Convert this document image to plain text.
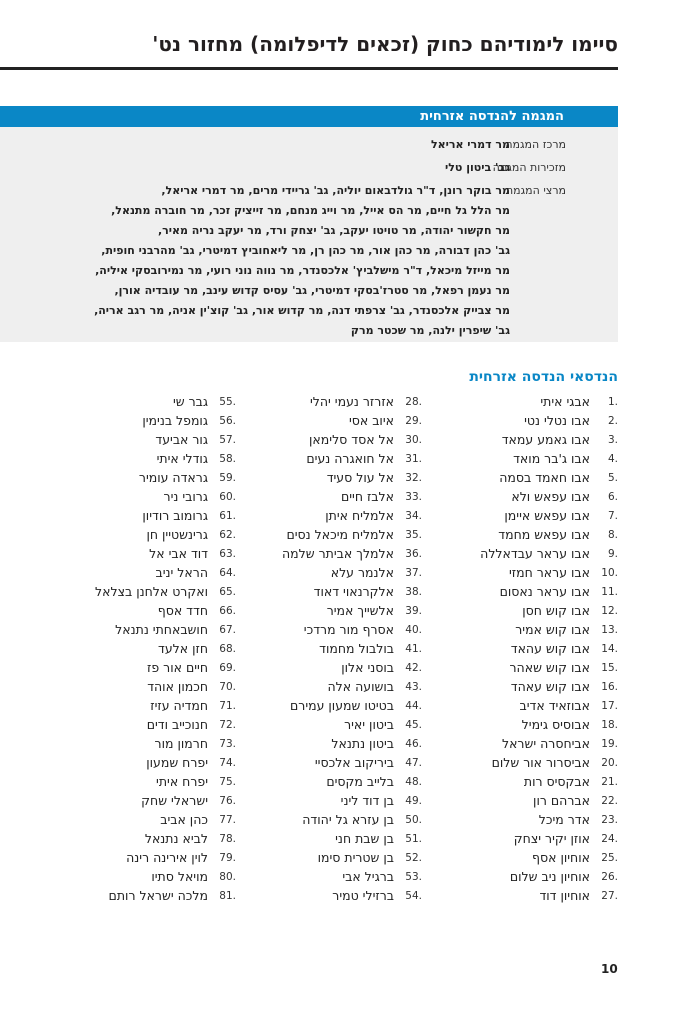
סיימו לימודיהם כחוק (זכאים לדיפלומה) מחזור נט'
המגמה להנדסה אזרחית
מרכז המגמה
מר דמרי אריאל
מזכירות המגמה
גב' ביטון טלי
מרצי המגמה
מר בוקר רונן, ד"ר גולדבאום יוליה, גב' גריידי מרים, מר דמרי אריאל,
מר הלל גל חיים, מר הס אייל, מר וייג מנחם, מר זייציק זכר, מר חוברה מתנאל,
מר חקשור יהודה, מר טויטו יעקב, גב' יצחק ורד, מר יעקב נריה מאיר,
גב' כהן דבורה, מר כהן אור, מר כהן רן, מר ליאחוביץ דמיטרי, גב' מהרבני חופית,
מר מייזל מיכאל, ד"ר מישלביץ' אלכסנדר, מר נווה נוני רועי, מר נמירובסקי איליה,
מר נעמן רפאל, מר סטרז'בסקי דמיטרי, גב' עסיס קדוש עינב, מר עובדיה אורן,
מר צבייק אלכסנדר, גב' צרפתי דנה, מר קדוש אור, גב' קוצ'ין אניה, מר רגב אריה,
גב' שיפרין ילנה, מר שכטר מרק
הנדסאי הנדסה אזרחית
1.
אבגי איתי
2.
אבו נטלי נטי
3.
אבו גאמע עמאד
4.
אבו ג'בר מואד
5.
אבו חאמד בסמה
6.
אבו עפאש ולא
7.
אבו עפאש איימן
8.
אבו עפאש מחמד
9.
אבו עראר עבדאללה
10.
אבו עראר חמזי
11.
אבו עראר נאסום
12.
אבו קוש חסן
13.
אבו קוש אמיר
14.
אבו קוש עהאד
15.
אבו קוש שאהר
16.
אבו קוש עאהד
17.
אבוזאיד אדיב
18.
אבוסיס גימיל
19.
אביחסרה ישראל
20.
אביסרור אור שלום
21.
אבקסיס רות
22.
אברהם רון
23.
אדר מיכל
24.
אוזן יקיר יצחק
25.
אוחיון אסף
26.
אוחיון ניב שלום
27.
אוחיון דוד
28.
אזרזר נעמי יהלי
29.
איוב אסי
30.
אל אסד סלימאן
31.
אל חואגרה נעים
32.
אל עול סעיד
33.
אלבז חיים
34.
אלמליח איתן
35.
אלמליח מיכאל נסים
36.
אלמלך אביתר שלמה
37.
אלנמר עלא
38.
אלקרנאוי דאוד
39.
אלשייך אמיר
40.
אסרף מור מרדכי
41.
בולבול מחמוד
42.
בוסני אלון
43.
בושועה אלה
44.
בטיטו שמעון עמירם
45.
ביטון יאיר
46.
ביטון נתנאל
47.
ביריקוב אלכסיי
48.
בלייב מקסים
49.
בן דוד ליני
50.
בן עזרא גל יהודה
51.
בן שבת חני
52.
בן שטרית סימו
53.
ברגיל אבי
54.
ברזילי טמיר
55.
גבר שי
56.
גומפל בנימין
57.
גור אביעד
58.
גודלי איתי
59.
גראדה עומיר
60.
גרובי ניר
61.
גרומוב רודיון
62.
גרינשטיין חן
63.
דוד אבי אל
64.
הראל יניב
65.
ואקרט אלחנן בצלאל
66.
חדד אסף
67.
חושבאחתי נתנאל
68.
חזן אלעד
69.
חיים אור פז
70.
חכמון אוהד
71.
חמדיה עזיז
72.
חנוכייב ודים
73.
חרמון מור
74.
יפרח שמעון
75.
יפרח איתי
76.
ישראלי שחק
77.
כהן אביב
78.
לביא נתנאל
79.
לוין אירינה רינה
80.
מויאל סתיו
81.
מלכה ישראל רותם
10
